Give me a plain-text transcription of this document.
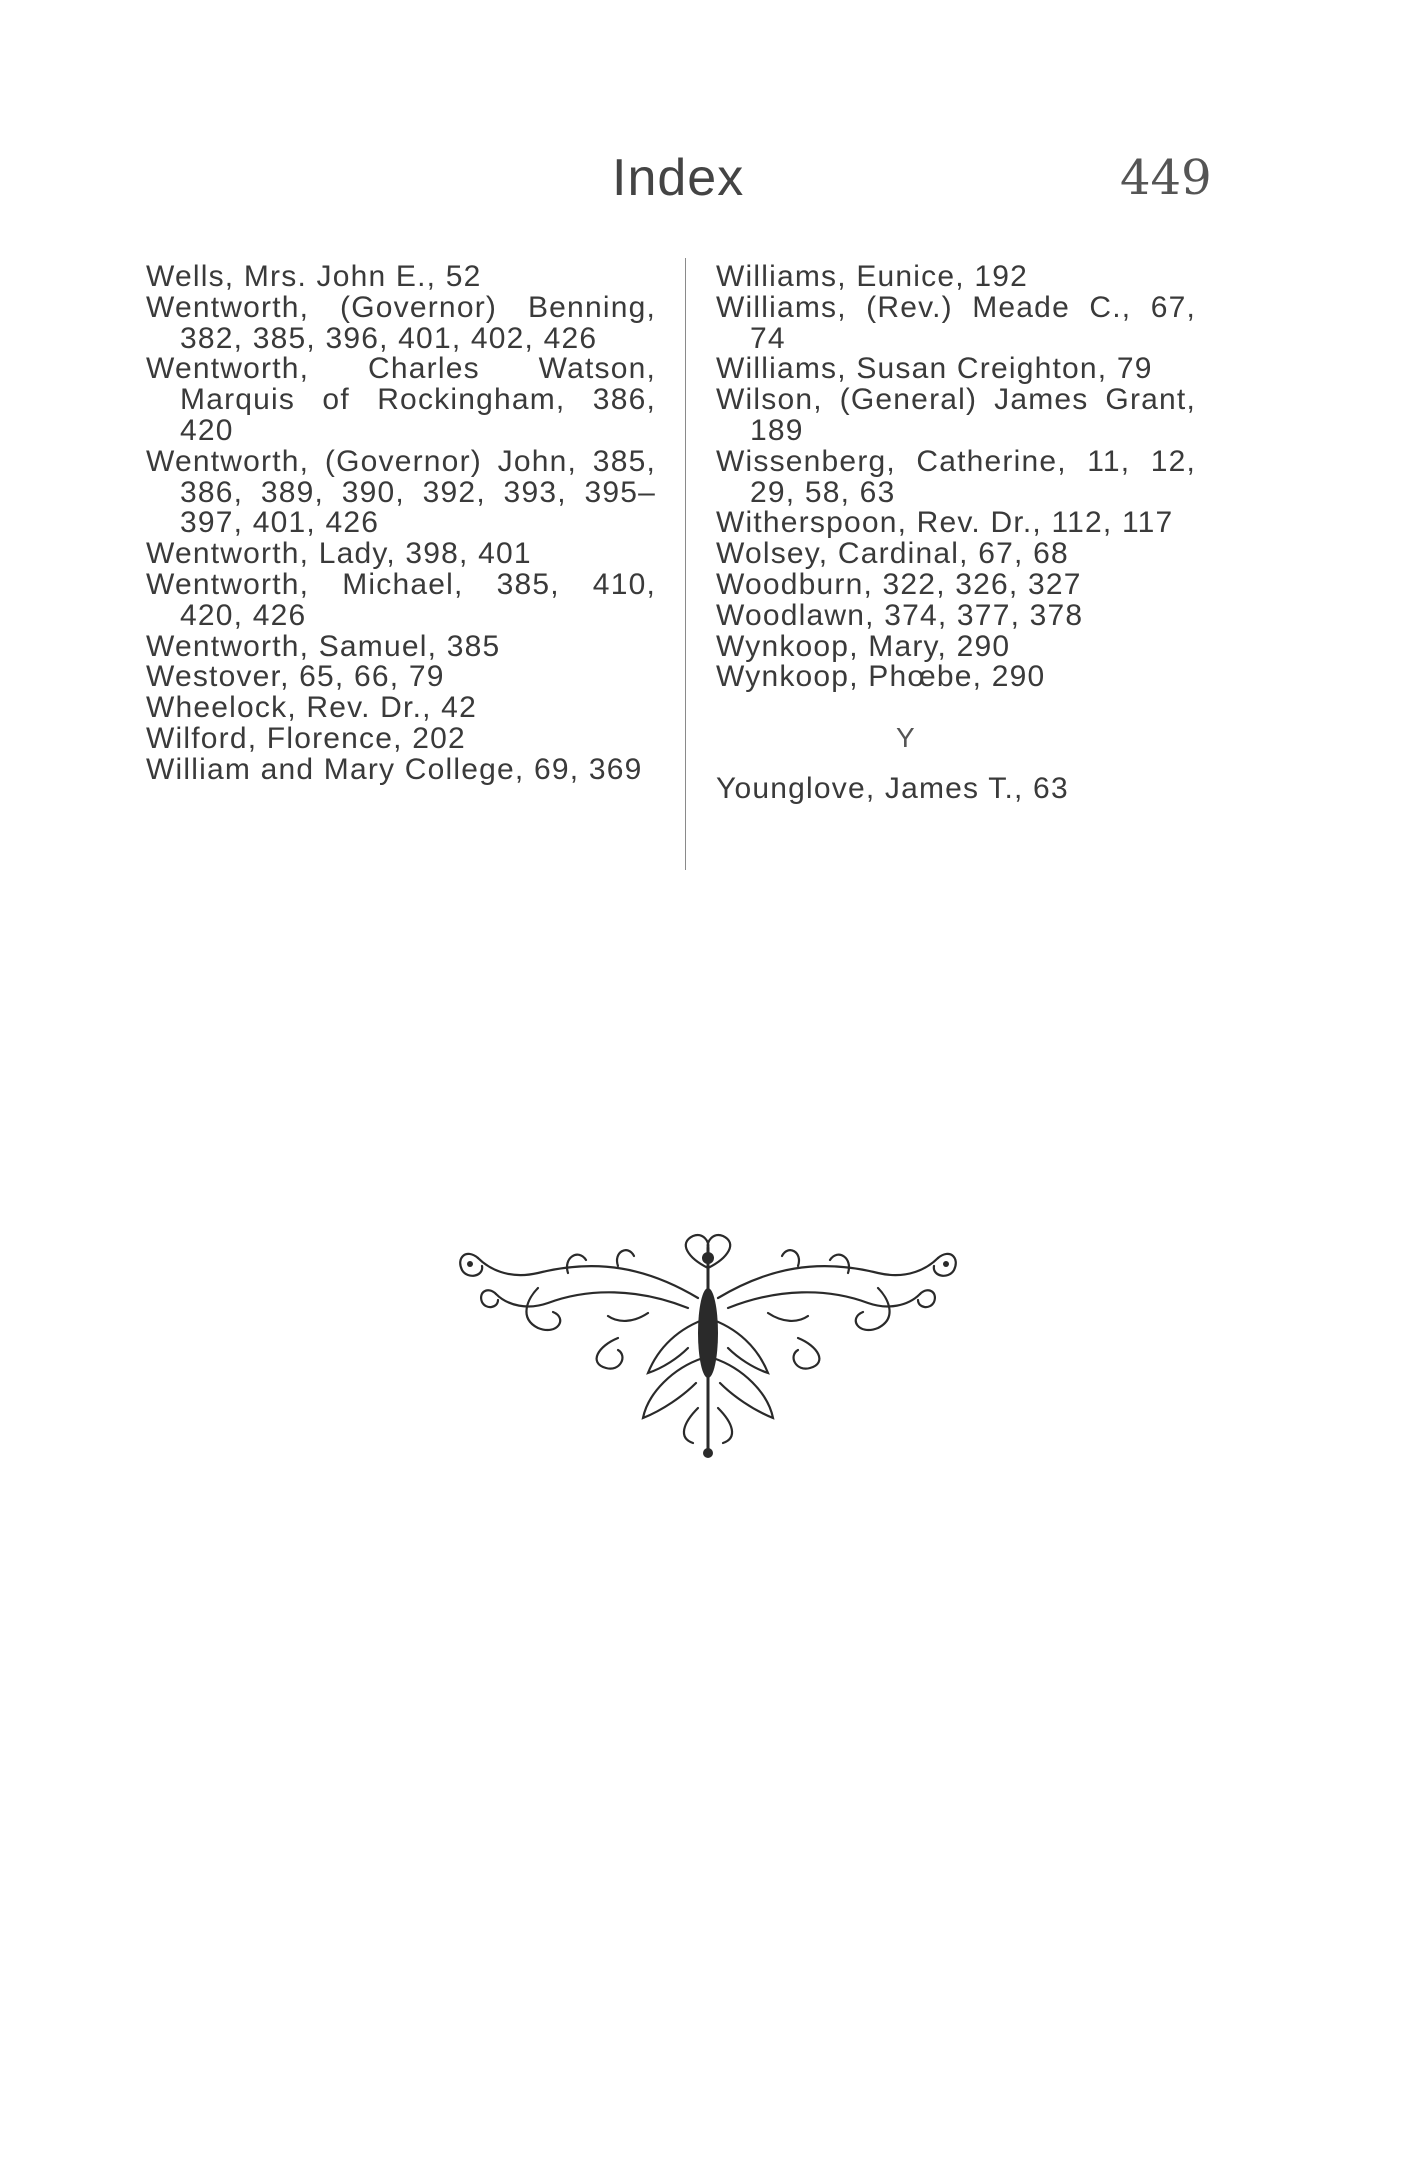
Index	449

Wells, Mrs. John E., 52

Wentworth, (Governor) Benning, 382, 385, 396, 401, 402, 426

Wentworth, Charles Watson, Marquis of Rockingham, 386, 420

Wentworth, (Governor) John, 385, 386, 389, 390, 392, 393, 395–397, 401, 426

Wentworth, Lady, 398, 401

Wentworth, Michael, 385, 410, 420, 426

Wentworth, Samuel, 385

Westover, 65, 66, 79

Wheelock, Rev. Dr., 42

Wilford, Florence, 202

William and Mary College, 69, 369

Williams, Eunice, 192

Williams, (Rev.) Meade C., 67, 74

Williams, Susan Creighton, 79

Wilson, (General) James Grant, 189

Wissenberg, Catherine, 11, 12, 29, 58, 63

Witherspoon, Rev. Dr., 112, 117

Wolsey, Cardinal, 67, 68

Woodburn, 322, 326, 327

Woodlawn, 374, 377, 378

Wynkoop, Mary, 290

Wynkoop, Phœbe, 290

Y

Younglove, James T., 63
